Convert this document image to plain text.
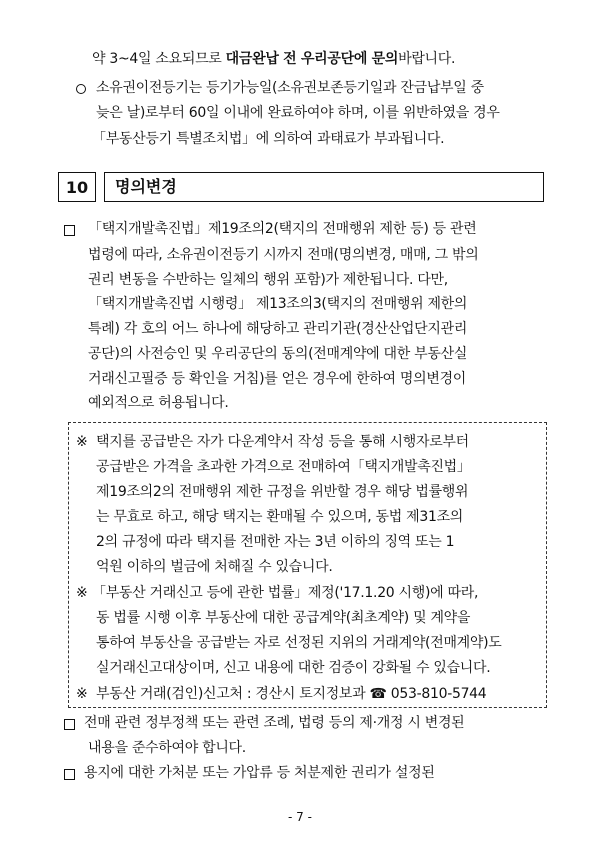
약 3~4일 소요되므로 대금완납 전 우리공단에 문의바랍니다.
소유권이전등기는 등기가능일(소유권보존등기일과 잔금납부일 중
늦은 날)로부터 60일 이내에 완료하여야 하며, 이를 위반하였을 경우
「부동산등기 특별조치법」에 의하여 과태료가 부과됩니다.
10	명의변경
「택지개발촉진법」제19조의2(택지의 전매행위 제한 등) 등 관련
법령에 따라, 소유권이전등기 시까지 전매(명의변경, 매매, 그 밖의
권리 변동을 수반하는 일체의 행위 포함)가 제한됩니다. 다만,
「택지개발촉진법 시행령」 제13조의3(택지의 전매행위 제한의
특례) 각 호의 어느 하나에 해당하고 관리기관(경산산업단지관리
공단)의 사전승인 및 우리공단의 동의(전매계약에 대한 부동산실
거래신고필증 등 확인을 거침)를 얻은 경우에 한하여 명의변경이
예외적으로 허용됩니다.
※ 택지를 공급받은 자가 다운계약서 작성 등을 통해 시행자로부터
공급받은 가격을 초과한 가격으로 전매하여「택지개발촉진법」
제19조의2의 전매행위 제한 규정을 위반할 경우 해당 법률행위
는 무효로 하고, 해당 택지는 환매될 수 있으며, 동법 제31조의
2의 규정에 따라 택지를 전매한 자는 3년 이하의 징역 또는 1
억원 이하의 벌금에 처해질 수 있습니다.
※ 「부동산 거래신고 등에 관한 법률」제정('17.1.20 시행)에 따라,
동 법률 시행 이후 부동산에 대한 공급계약(최초계약) 및 계약을
통하여 부동산을 공급받는 자로 선정된 지위의 거래계약(전매계약)도
실거래신고대상이며, 신고 내용에 대한 검증이 강화될 수 있습니다.
※ 부동산 거래(검인)신고처 : 경산시 토지정보과 ☎ 053-810-5744
전매 관련 정부정책 또는 관련 조례, 법령 등의 제·개정 시 변경된
내용을 준수하여야 합니다.
용지에 대한 가처분 또는 가압류 등 처분제한 권리가 설정된
- 7 -
